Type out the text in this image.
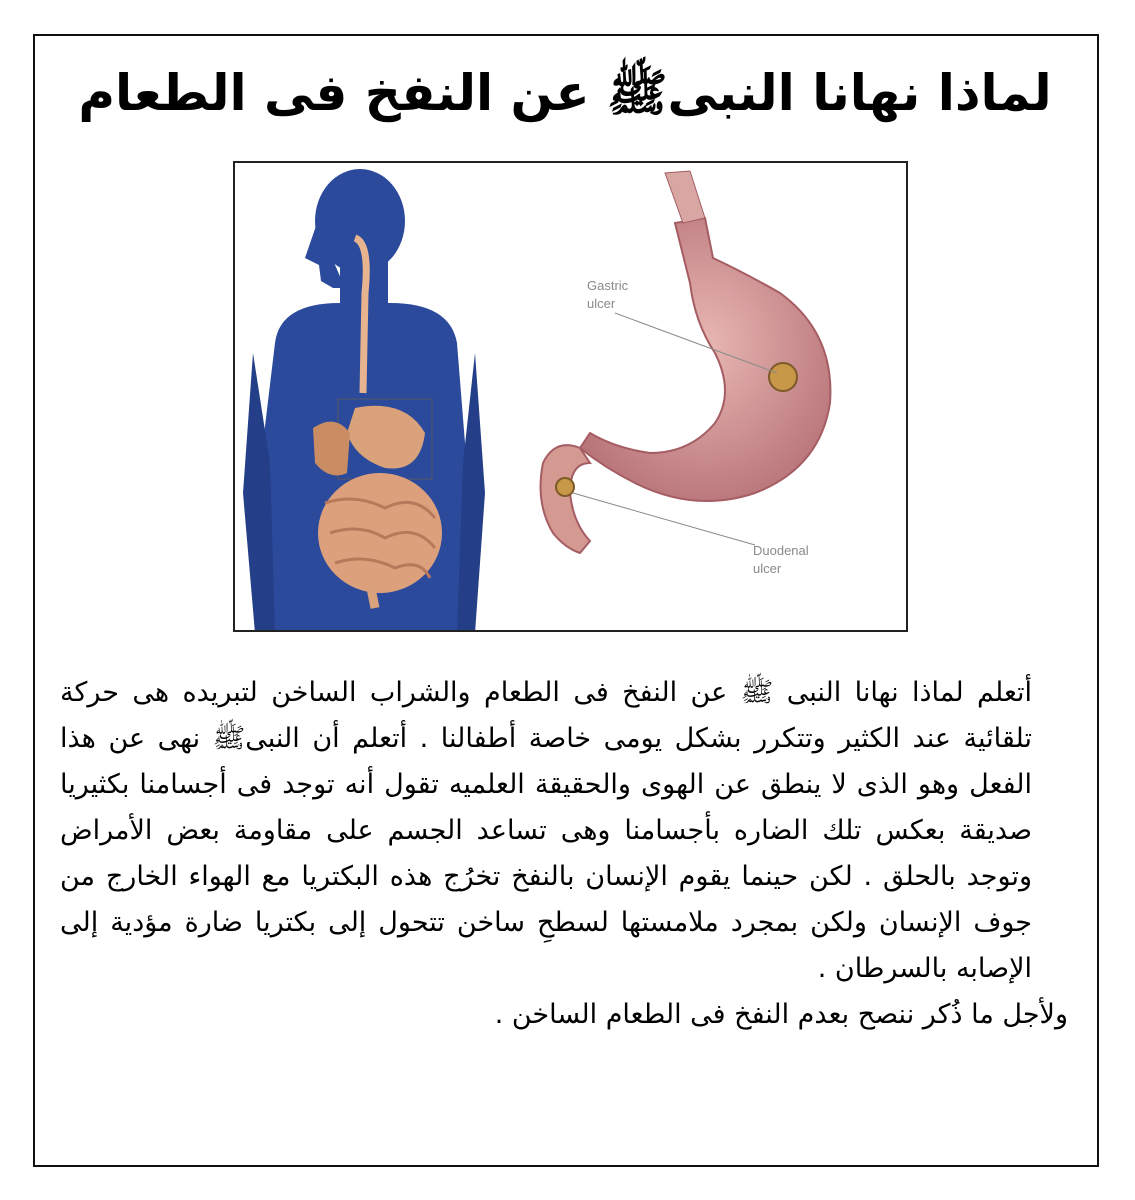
لماذا نهانا النبىﷺ عن النفخ فى الطعام
Gastric
ulcer
Duodenal
ulcer

أتعلم لماذا نهانا النبى ﷺ عن النفخ فى الطعام والشراب الساخن لتبريده هى حركة تلقائية عند الكثير وتتكرر بشكل يومى خاصة أطفالنا . أتعلم أن النبىﷺ نهى عن هذا الفعل وهو الذى لا ينطق عن الهوى والحقيقة العلميه تقول أنه توجد فى أجسامنا بكثيريا صديقة بعكس تلك الضاره بأجسامنا وهى تساعد الجسم على مقاومة بعض الأمراض وتوجد بالحلق . لكن حينما يقوم الإنسان بالنفخ تخرُج هذه البكتريا مع الهواء الخارج من جوف الإنسان ولكن بمجرد ملامستها لسطحِ ساخن تتحول إلى بكتريا ضارة مؤدية إلى الإصابه بالسرطان .

ولأجل ما ذُكر ننصح بعدم النفخ فى الطعام الساخن .
